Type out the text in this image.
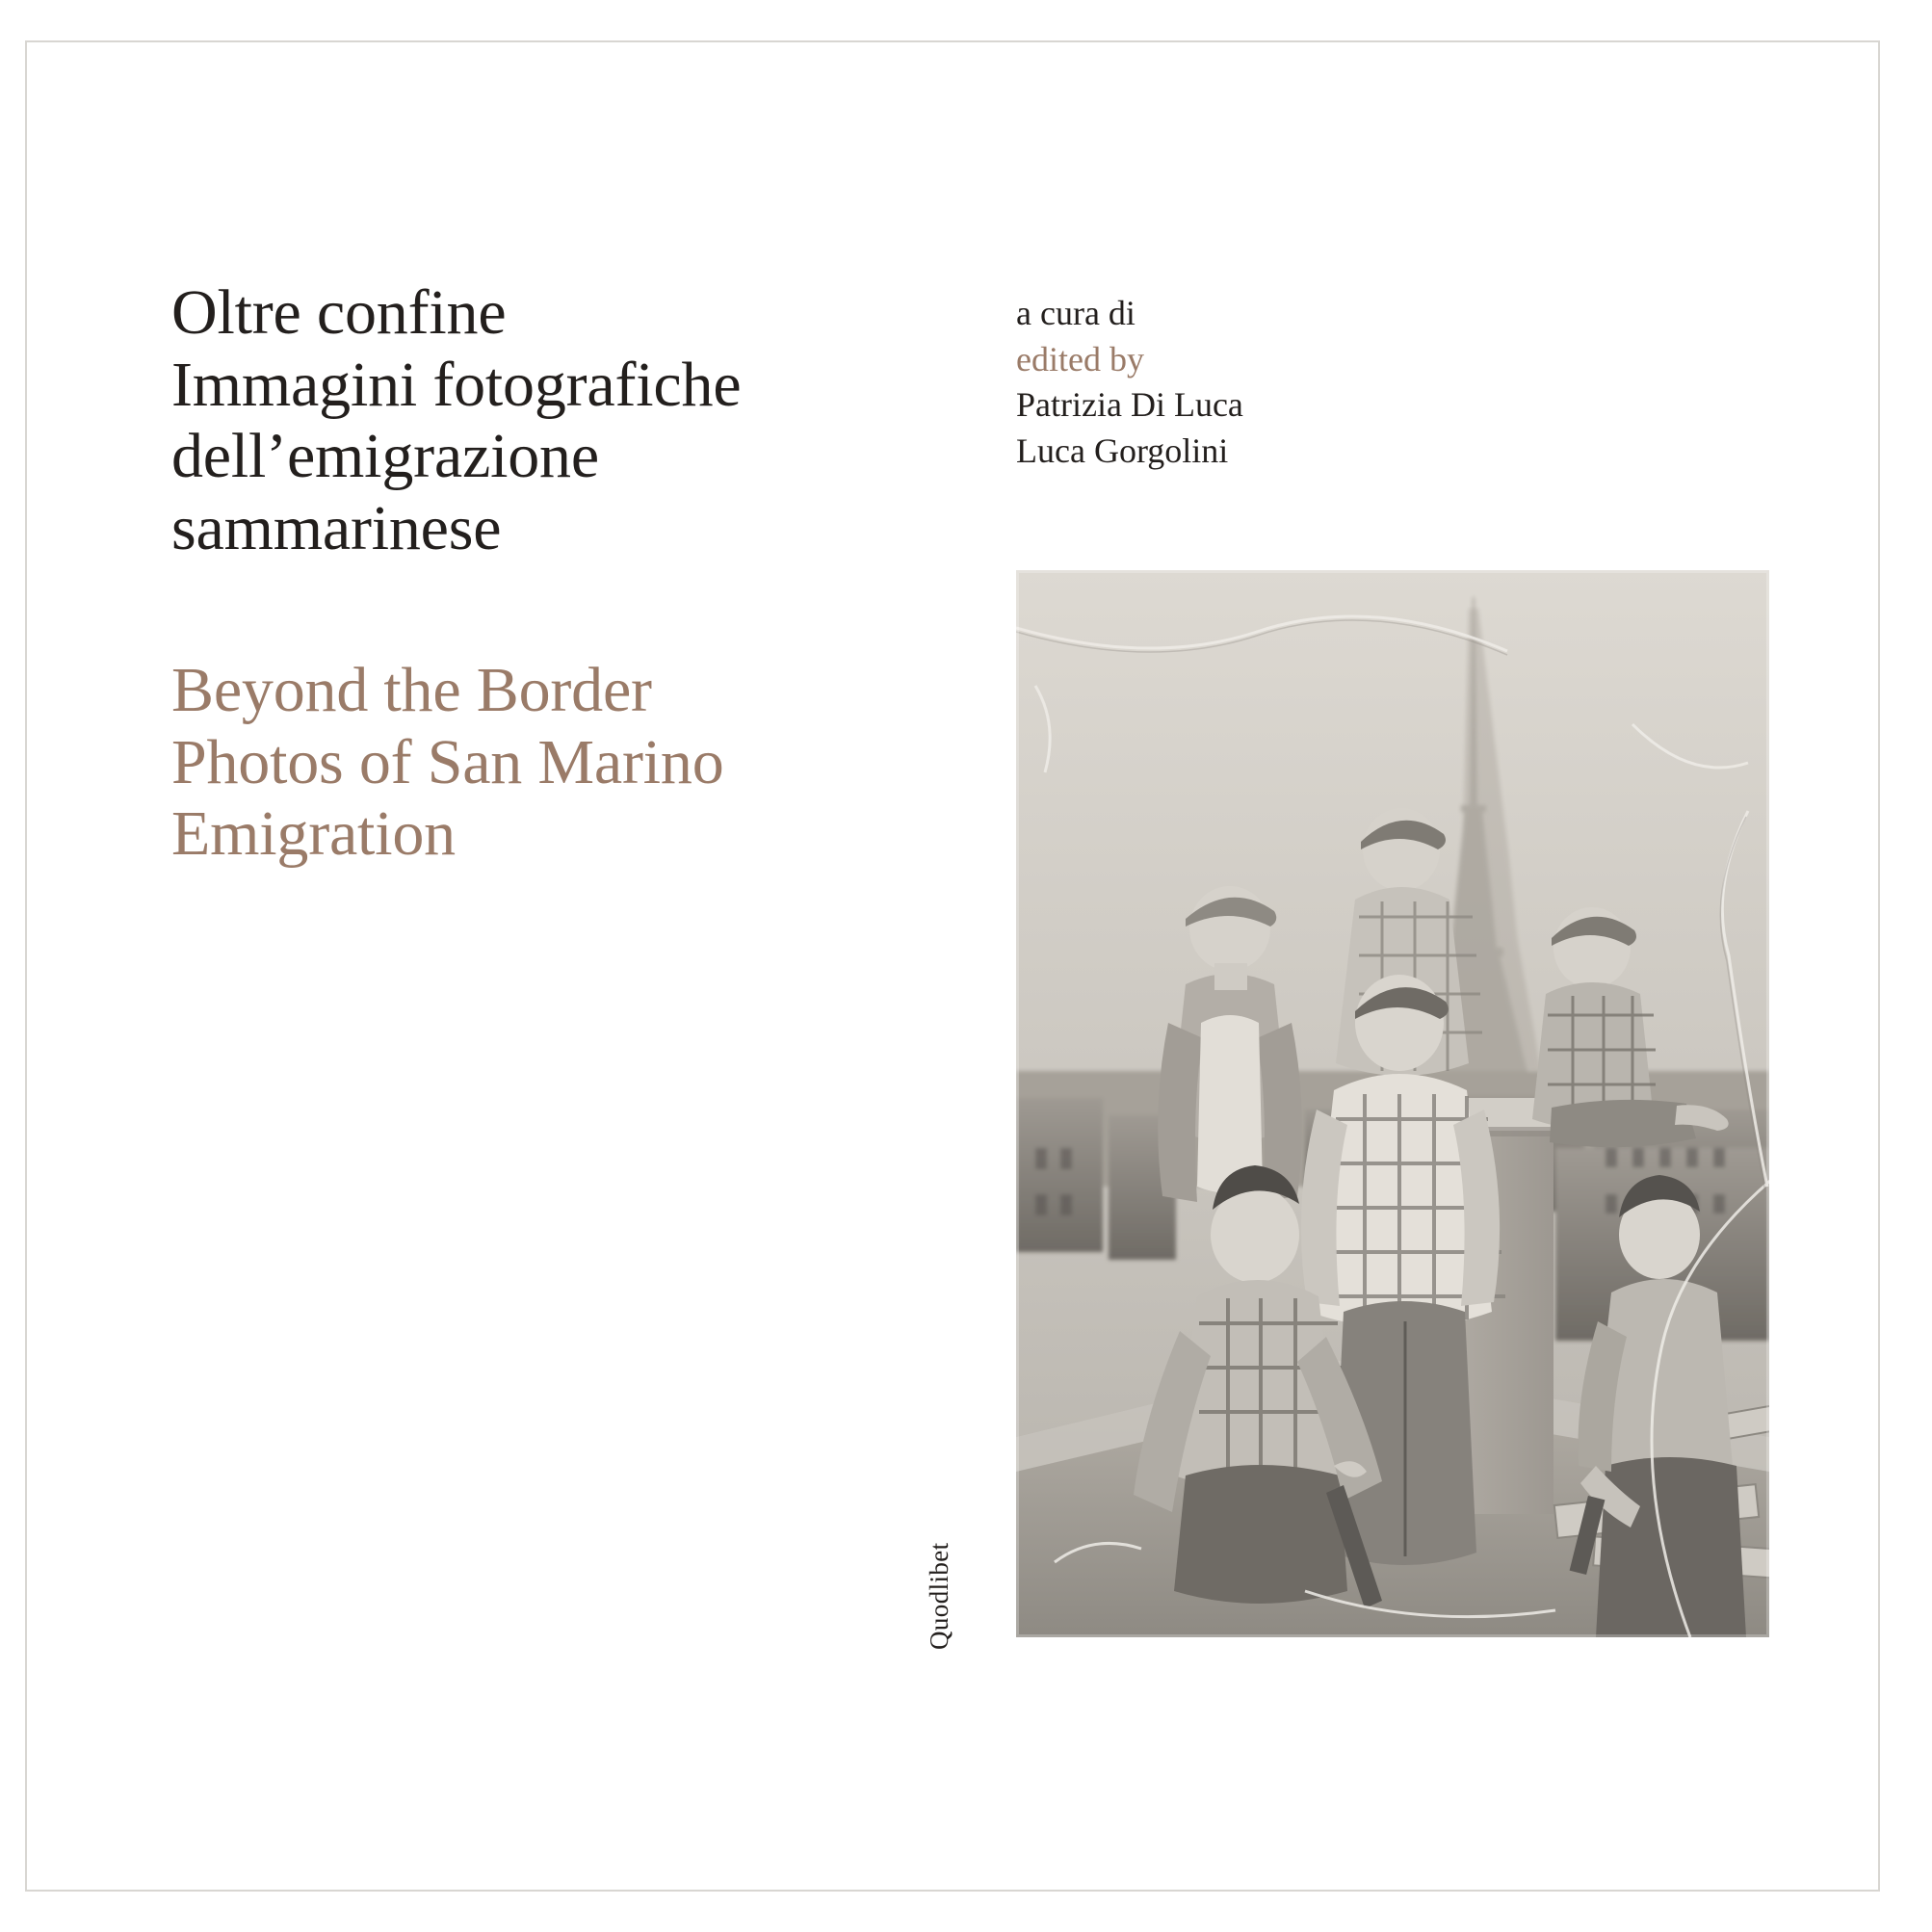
Oltre confine
Immagini fotografiche
dell’emigrazione
sammarinese
Beyond the Border
Photos of San Marino
Emigration
a cura di
edited by
Patrizia Di Luca
Luca Gorgolini
Quodlibet
